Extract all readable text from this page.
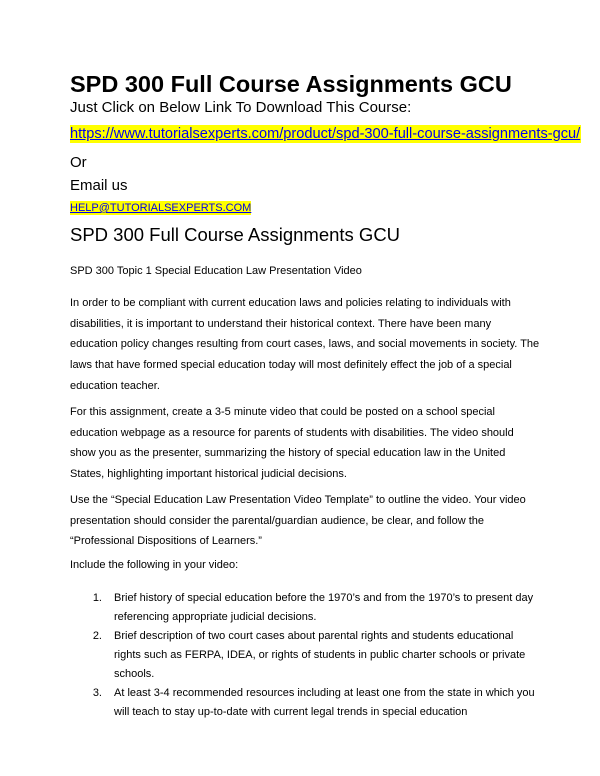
SPD 300 Full Course Assignments GCU
Just Click on Below Link To Download This Course:
https://www.tutorialsexperts.com/product/spd-300-full-course-assignments-gcu/
Or
Email us
HELP@TUTORIALSEXPERTS.COM
SPD 300 Full Course Assignments GCU
SPD 300 Topic 1 Special Education Law Presentation Video

In order to be compliant with current education laws and policies relating to individuals with disabilities, it is important to understand their historical context. There have been many education policy changes resulting from court cases, laws, and social movements in society. The laws that have formed special education today will most definitely effect the job of a special education teacher.

For this assignment, create a 3-5 minute video that could be posted on a school special education webpage as a resource for parents of students with disabilities. The video should show you as the presenter, summarizing the history of special education law in the United States, highlighting important historical judicial decisions.

Use the “Special Education Law Presentation Video Template” to outline the video. Your video presentation should consider the parental/guardian audience, be clear, and follow the “Professional Dispositions of Learners.”

Include the following in your video:

1. Brief history of special education before the 1970’s and from the 1970’s to present day referencing appropriate judicial decisions.
2. Brief description of two court cases about parental rights and students educational rights such as FERPA, IDEA, or rights of students in public charter schools or private schools.
3. At least 3-4 recommended resources including at least one from the state in which you will teach to stay up-to-date with current legal trends in special education
